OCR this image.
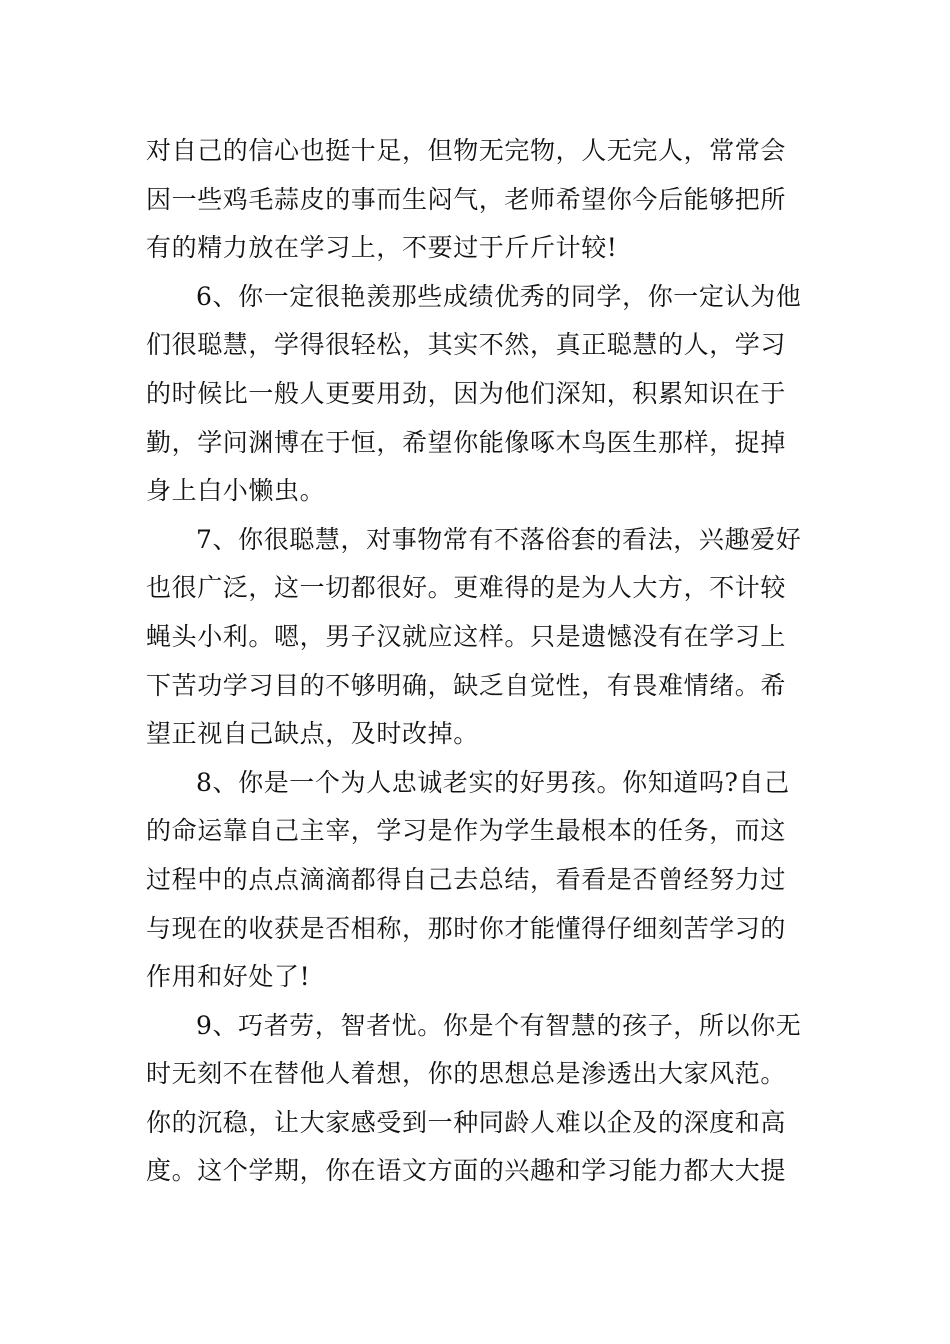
对自己的信心也挺十足，但物无完物，人无完人，常常会
因一些鸡毛蒜皮的事而生闷气，老师希望你今后能够把所
有的精力放在学习上，不要过于斤斤计较!
6、你一定很艳羡那些成绩优秀的同学，你一定认为他
们很聪慧，学得很轻松，其实不然，真正聪慧的人，学习
的时候比一般人更要用劲，因为他们深知，积累知识在于
勤，学问渊博在于恒，希望你能像啄木鸟医生那样，捉掉
身上白小懒虫。
7、你很聪慧，对事物常有不落俗套的看法，兴趣爱好
也很广泛，这一切都很好。更难得的是为人大方，不计较
蝇头小利。嗯，男子汉就应这样。只是遗憾没有在学习上
下苦功学习目的不够明确，缺乏自觉性，有畏难情绪。希
望正视自己缺点，及时改掉。
8、你是一个为人忠诚老实的好男孩。你知道吗?自己
的命运靠自己主宰，学习是作为学生最根本的任务，而这
过程中的点点滴滴都得自己去总结，看看是否曾经努力过
与现在的收获是否相称，那时你才能懂得仔细刻苦学习的
作用和好处了!
9、巧者劳，智者忧。你是个有智慧的孩子，所以你无
时无刻不在替他人着想，你的思想总是渗透出大家风范。
你的沉稳，让大家感受到一种同龄人难以企及的深度和高
度。这个学期，你在语文方面的兴趣和学习能力都大大提
